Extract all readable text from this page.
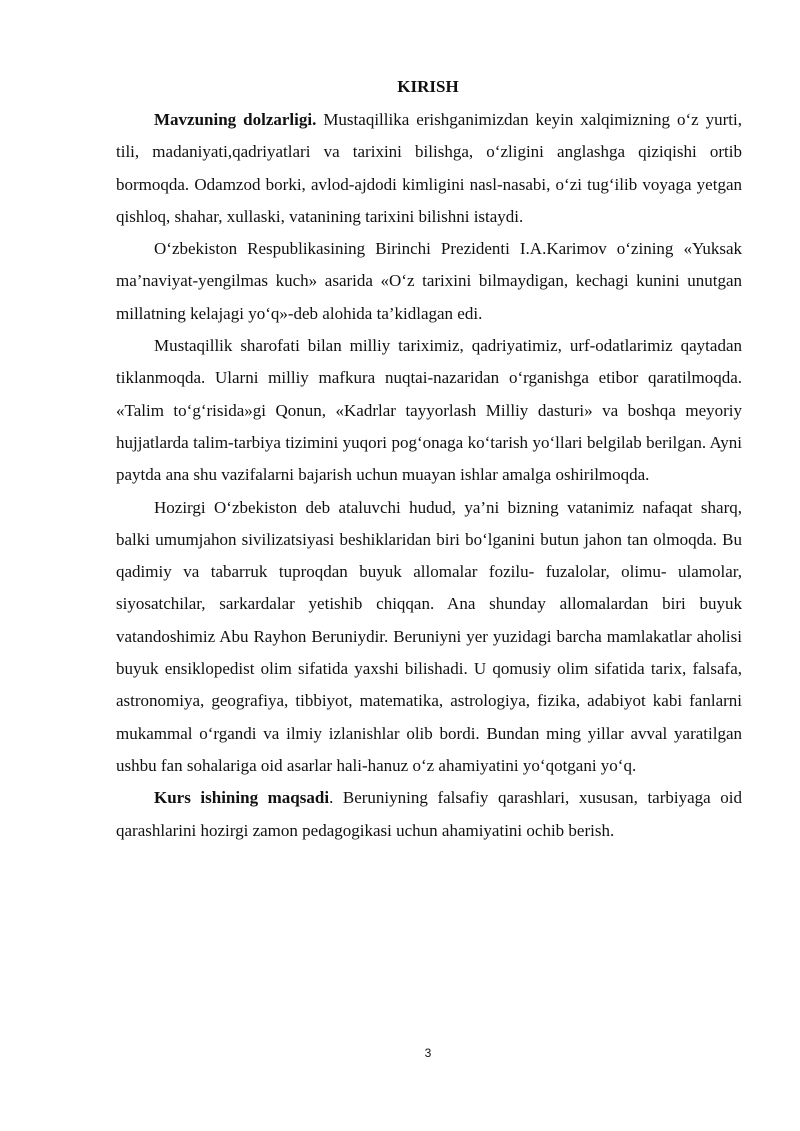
KIRISH

Mavzuning dolzarligi. Mustaqillika erishganimizdan keyin xalqimizning o‘z yurti, tili, madaniyati,qadriyatlari va tarixini bilishga, o‘zligini anglashga qiziqishi ortib bormoqda. Odamzod borki, avlod-ajdodi kimligini nasl-nasabi, o‘zi tug‘ilib voyaga yetgan qishloq, shahar, xullaski, vatanining tarixini bilishni istaydi.

O‘zbekiston Respublikasining Birinchi Prezidenti I.A.Karimov o‘zining «Yuksak ma’naviyat-yengilmas kuch» asarida «O‘z tarixini bilmaydigan, kechagi kunini unutgan millatning kelajagi yo‘q»-deb alohida ta’kidlagan edi.

Mustaqillik sharofati bilan milliy tariximiz, qadriyatimiz, urf-odatlarimiz qaytadan tiklanmoqda. Ularni milliy mafkura nuqtai-nazaridan o‘rganishga etibor qaratilmoqda. «Talim to‘g‘risida»gi Qonun, «Kadrlar tayyorlash Milliy dasturi» va boshqa meyoriy hujjatlarda talim-tarbiya tizimini yuqori pog‘onaga ko‘tarish yo‘llari belgilab berilgan. Ayni paytda ana shu vazifalarni bajarish uchun muayan ishlar amalga oshirilmoqda.

Hozirgi O‘zbekiston deb ataluvchi hudud, ya’ni bizning vatanimiz nafaqat sharq, balki umumjahon sivilizatsiyasi beshiklaridan biri bo‘lganini butun jahon tan olmoqda. Bu qadimiy va tabarruk tuproqdan buyuk allomalar fozilu- fuzalolar, olimu- ulamolar, siyosatchilar, sarkardalar yetishib chiqqan. Ana shunday allomalardan biri buyuk vatandoshimiz Abu Rayhon Beruniydir. Beruniyni yer yuzidagi barcha mamlakatlar aholisi buyuk ensiklopedist olim sifatida yaxshi bilishadi. U qomusiy olim sifatida tarix, falsafa, astronomiya, geografiya, tibbiyot, matematika, astrologiya, fizika, adabiyot kabi fanlarni mukammal o‘rgandi va ilmiy izlanishlar olib bordi. Bundan ming yillar avval yaratilgan ushbu fan sohalariga oid asarlar hali-hanuz o‘z ahamiyatini yo‘qotgani yo‘q.

Kurs ishining maqsadi. Beruniyning falsafiy qarashlari, xususan, tarbiyaga oid qarashlarini hozirgi zamon pedagogikasi uchun ahamiyatini ochib berish.

3
